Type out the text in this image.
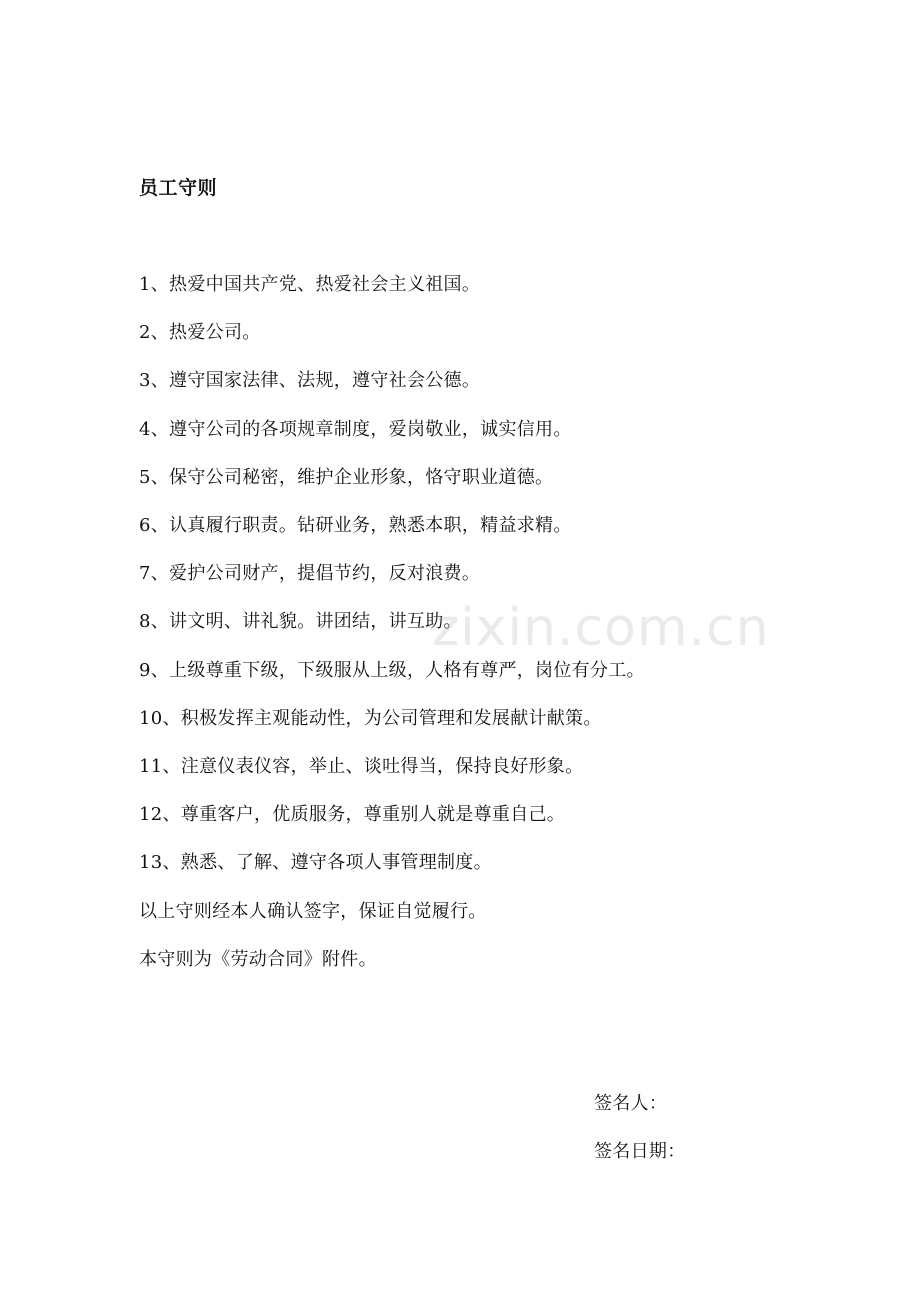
员工守则
1、热爱中国共产党、热爱社会主义祖国。
2、热爱公司。
3、遵守国家法律、法规，遵守社会公德。
4、遵守公司的各项规章制度，爱岗敬业，诚实信用。
5、保守公司秘密，维护企业形象，恪守职业道德。
6、认真履行职责。钻研业务，熟悉本职，精益求精。
7、爱护公司财产，提倡节约，反对浪费。
8、讲文明、讲礼貌。讲团结，讲互助。
9、上级尊重下级，下级服从上级，人格有尊严，岗位有分工。
10、积极发挥主观能动性，为公司管理和发展献计献策。
11、注意仪表仪容，举止、谈吐得当，保持良好形象。
12、尊重客户，优质服务，尊重别人就是尊重自己。
13、熟悉、了解、遵守各项人事管理制度。

以上守则经本人确认签字，保证自觉履行。

本守则为《劳动合同》附件。

签名人：

签名日期：

zixin.com.cn
